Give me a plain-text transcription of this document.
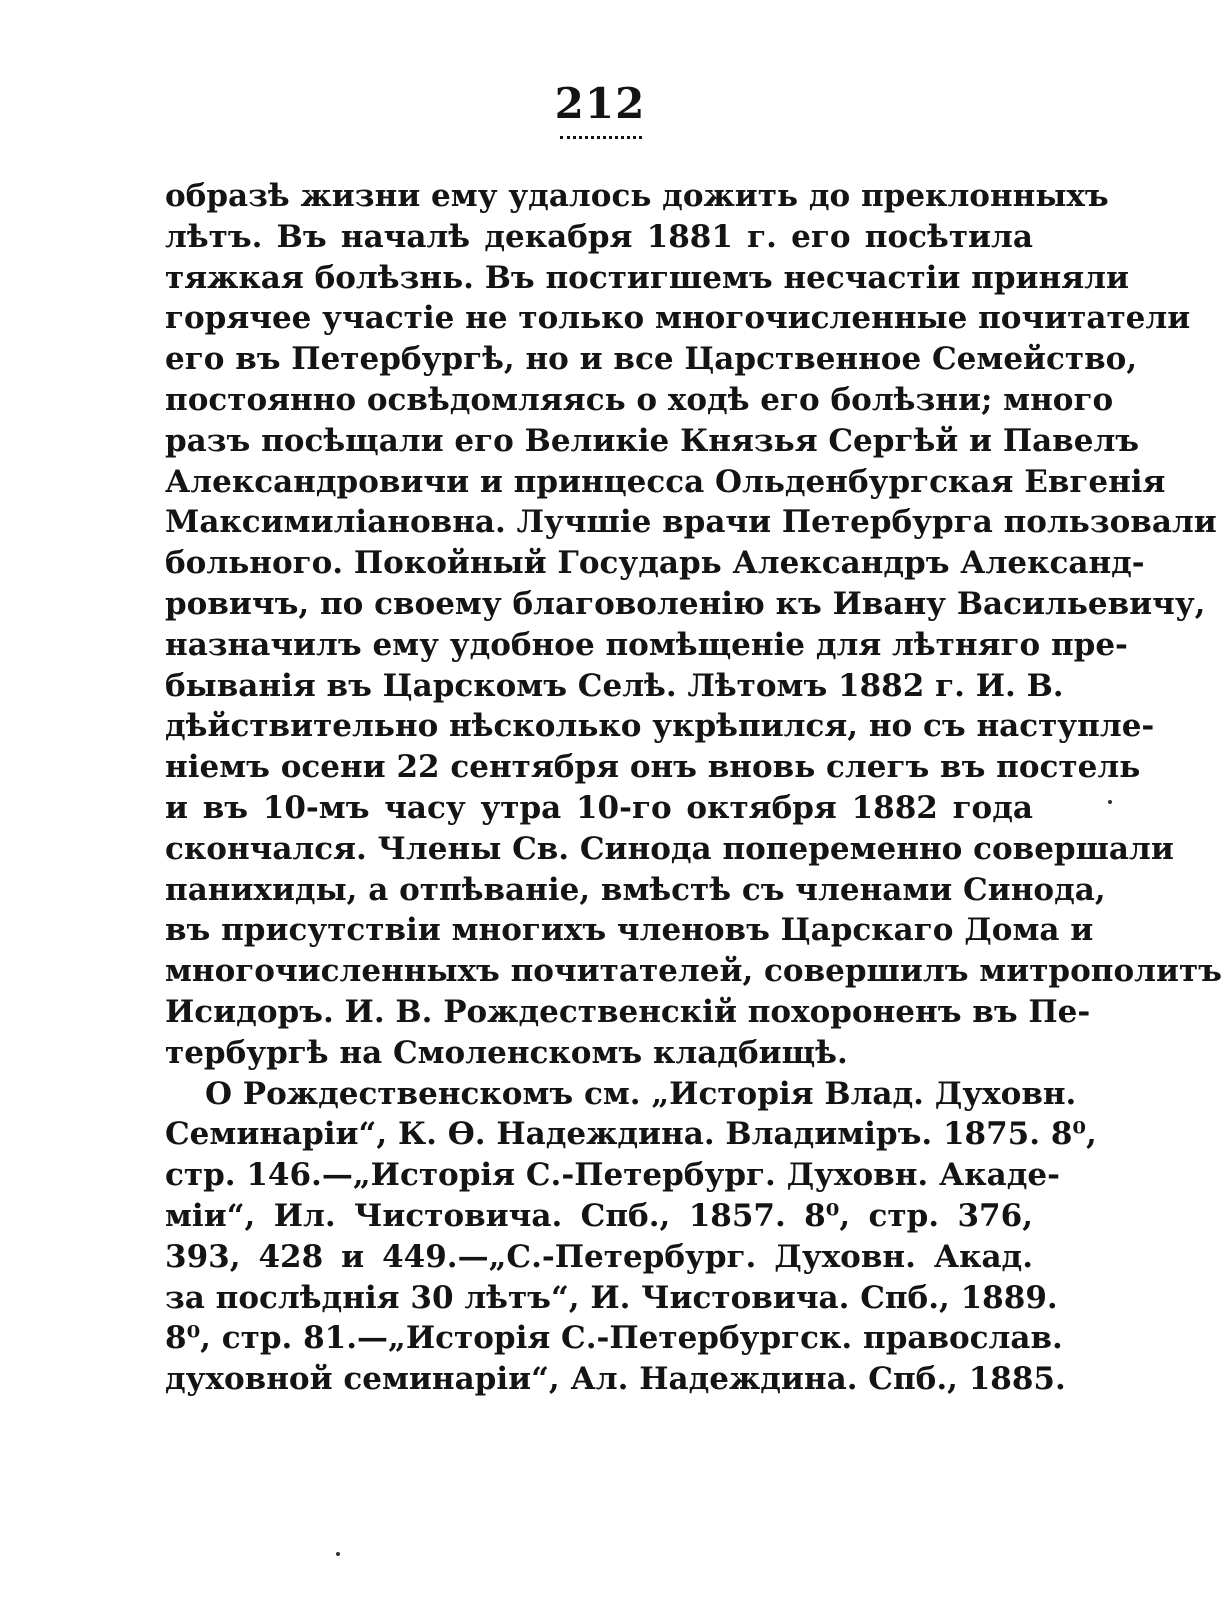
212
образѣ жизни ему удалось дожить до преклонныхъ
лѣтъ. Въ началѣ декабря 1881 г. его посѣтила
тяжкая болѣзнь. Въ постигшемъ несчастіи приняли
горячее участіе не только многочисленные почитатели
его въ Петербургѣ, но и все Царственное Семейство,
постоянно освѣдомляясь о ходѣ его болѣзни; много
разъ посѣщали его Великіе Князья Сергѣй и Павелъ
Александровичи и принцесса Ольденбургская Евгенія
Максимиліановна. Лучшіе врачи Петербурга пользовали
больного. Покойный Государь Александръ Александ-
ровичъ, по своему благоволенію къ Ивану Васильевичу,
назначилъ ему удобное помѣщеніе для лѣтняго пре-
быванія въ Царскомъ Селѣ. Лѣтомъ 1882 г. И. В.
дѣйствительно нѣсколько укрѣпился, но съ наступле-
ніемъ осени 22 сентября онъ вновь слегъ въ постель
и въ 10-мъ часу утра 10-го октября 1882 года
скончался. Члены Св. Синода попеременно совершали
панихиды, а отпѣваніе, вмѣстѣ съ членами Синода,
въ присутствіи многихъ членовъ Царскаго Дома и
многочисленныхъ почитателей, совершилъ митрополитъ
Исидоръ. И. В. Рождественскій похороненъ въ Пе-
тербургѣ на Смоленскомъ кладбищѣ.
О Рождественскомъ см. „Исторія Влад. Духовн.
Семинаріи“, К. Ѳ. Надеждина. Владиміръ. 1875. 8⁰,
стр. 146.—„Исторія С.-Петербург. Духовн. Акаде-
міи“, Ил. Чистовича. Спб., 1857. 8⁰, стр. 376,
393, 428 и 449.—„С.-Петербург. Духовн. Акад.
за послѣднія 30 лѣтъ“, И. Чистовича. Спб., 1889.
8⁰, стр. 81.—„Исторія С.-Петербургск. православ.
духовной семинаріи“, Ал. Надеждина. Спб., 1885.
